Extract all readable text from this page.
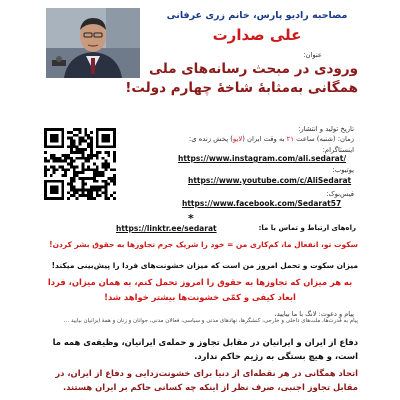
مصاحبه رادیو پارس، خانم زری عرفانی
علی صدارت
عنوان:
ورودی در مبحث رسانه‌های ملی همگانی به‌مثابهٔ شاخهٔ چهارم دولت!
تاریخ تولید و انتشار:
زمان: (شنبه) ساعت ۲۱ به وقت ایران (لایو) پخش زنده ی:
اینستاگرام:
https://www.instagram.com/ali.sedarat/
یوتیوب:
https://www.youtube.com/c/AliSedarat
فیس‌بوک:
https://www.facebook.com/Sedarat57
*
https://linktr.ee/sedarat	راه‌های ارتباط و تماس با ما:
سکوت تو، انفعال ما، کم‌کاری من = خود را شریک جرم تجاوزها به حقوق بشر کردن!
میزان سکوت و تحمل امروز من است که میزان خشونت‌های فردا را پیش‌بینی میکند!
به هر میزان که تجاوزها به حقوق را امروز تحمل کنم، به همان میزان، فردا ابعاد کیفی و کمّی خشونت‌ها بیشتر خواهد شد!
پیام و دعوت: لانگ با ما بیایید،
پیام به قدرت‌ها، ملت‌های داخلی و خارجی، کنشگرها، نهادهای مدنی و سیاسی، فعالان مدنی، جوانان و زنان و همهٔ ایرانیان بیایید ...
دفاع از ایران و ایرانیان در مقابل تجاوز و حمله‌ی ایرانیان، وظیفه‌ی همه ما است، و هیچ بستگی به رژیم حاکم ندارد.
اتحاد همگانی در هر نقطه‌ای از دنیا برای خشونت‌زدایی و دفاع از ایران، در مقابل تجاوز اجنبی، صرف نظر از اینکه چه کسانی حاکم بر ایران هستند.
